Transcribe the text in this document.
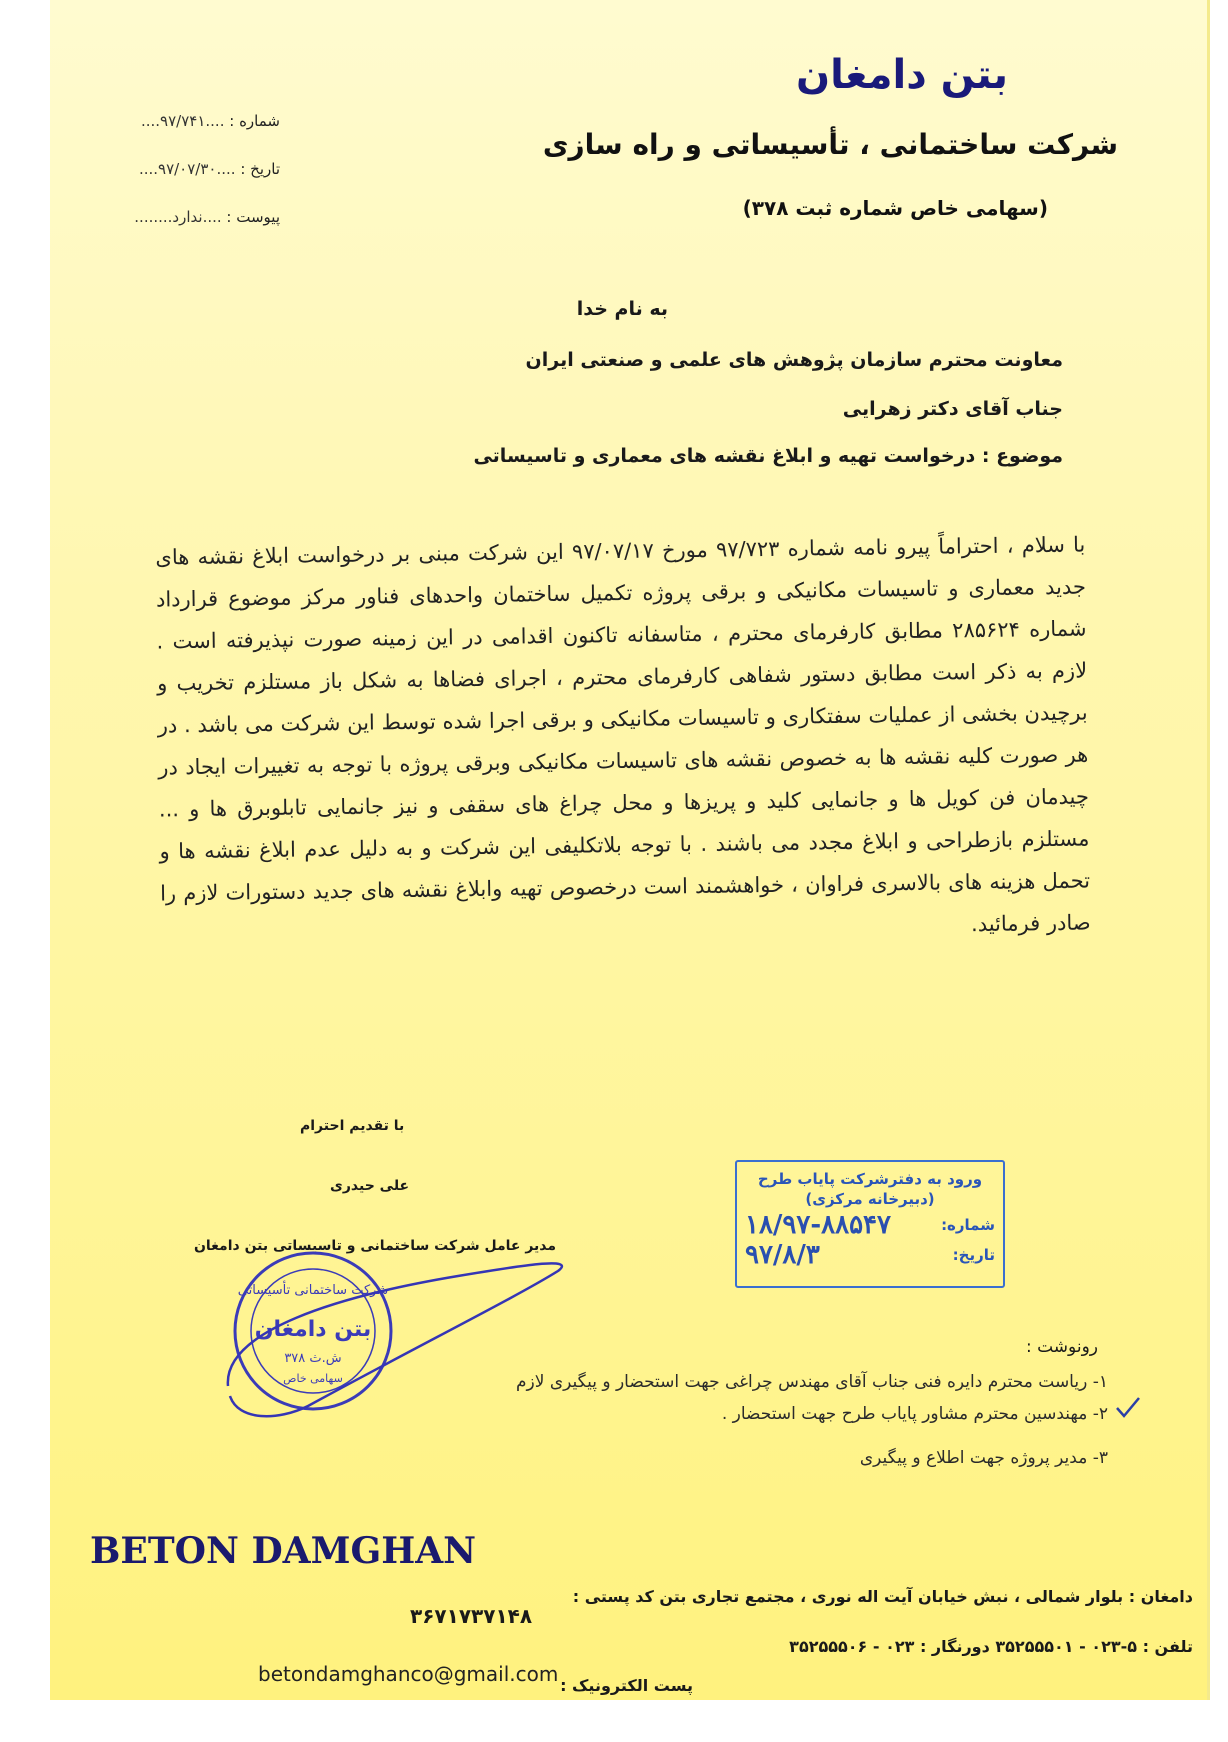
بتن دامغان
شرکت ساختمانی ، تأسیساتی و راه سازی
(سهامی خاص شماره ثبت ۳۷۸)
شماره : ....۹۷/۷۴۱....
تاریخ : ....۹۷/۰۷/۳۰....
پیوست : ....ندارد........
به نام خدا
معاونت محترم سازمان پژوهش های علمی و صنعتی ایران
جناب آقای دکتر زهرایی
موضوع : درخواست تهیه و ابلاغ نقشه های معماری و تاسیساتی
با سلام ، احتراماً پیرو نامه شماره ۹۷/۷۲۳ مورخ ۹۷/۰۷/۱۷ این شرکت مبنی بر درخواست ابلاغ نقشه های جدید معماری و تاسیسات مکانیکی و برقی پروژه تکمیل ساختمان واحدهای فناور مرکز موضوع قرارداد شماره ۲۸۵۶۲۴ مطابق کارفرمای محترم ، متاسفانه تاکنون اقدامی در این زمینه صورت نپذیرفته است . لازم به ذکر است مطابق دستور شفاهی کارفرمای محترم ، اجرای فضاها به شکل باز مستلزم تخریب و برچیدن بخشی از عملیات سفتکاری و تاسیسات مکانیکی و برقی اجرا شده توسط این شرکت می باشد . در هر صورت کلیه نقشه ها به خصوص نقشه های تاسیسات مکانیکی وبرقی پروژه با توجه به تغییرات ایجاد در چیدمان فن کویل ها و جانمایی کلید و پریزها و محل چراغ های سقفی و نیز جانمایی تابلوبرق ها و ... مستلزم بازطراحی و ابلاغ مجدد می باشند . با توجه بلاتکلیفی این شرکت و به دلیل عدم ابلاغ نقشه ها و تحمل هزینه های بالاسری فراوان ، خواهشمند است درخصوص تهیه وابلاغ نقشه های جدید دستورات لازم را صادر فرمائید.
با تقدیم احترام
علی حیدری
مدیر عامل شرکت ساختمانی و تاسیساتی بتن دامغان
شرکت ساختمانی تأسیساتی
بتن دامغان
ش.ث ۳۷۸
سهامی خاص
ورود به دفترشرکت پایاب طرح
(دبیرخانه مرکزی)
شماره:
۱۸/۹۷-۸۸۵۴۷
تاریخ:
۹۷/۸/۳
رونوشت :
۱- ریاست محترم دایره فنی جناب آقای مهندس چراغی جهت استحضار و پیگیری لازم
۲- مهندسین محترم مشاور پایاب طرح جهت استحضار .
۳- مدیر پروژه جهت اطلاع و پیگیری
BETON DAMGHAN
دامغان : بلوار شمالی ، نبش خیابان آیت اله نوری ، مجتمع تجاری بتن کد پستی :
۳۶۷۱۷۳۷۱۴۸
تلفن : ۵-۰۲۳ - ۳۵۲۵۵۵۰۱ دورنگار : ۰۲۳ - ۳۵۲۵۵۵۰۶
پست الکترونیک :
betondamghanco@gmail.com
